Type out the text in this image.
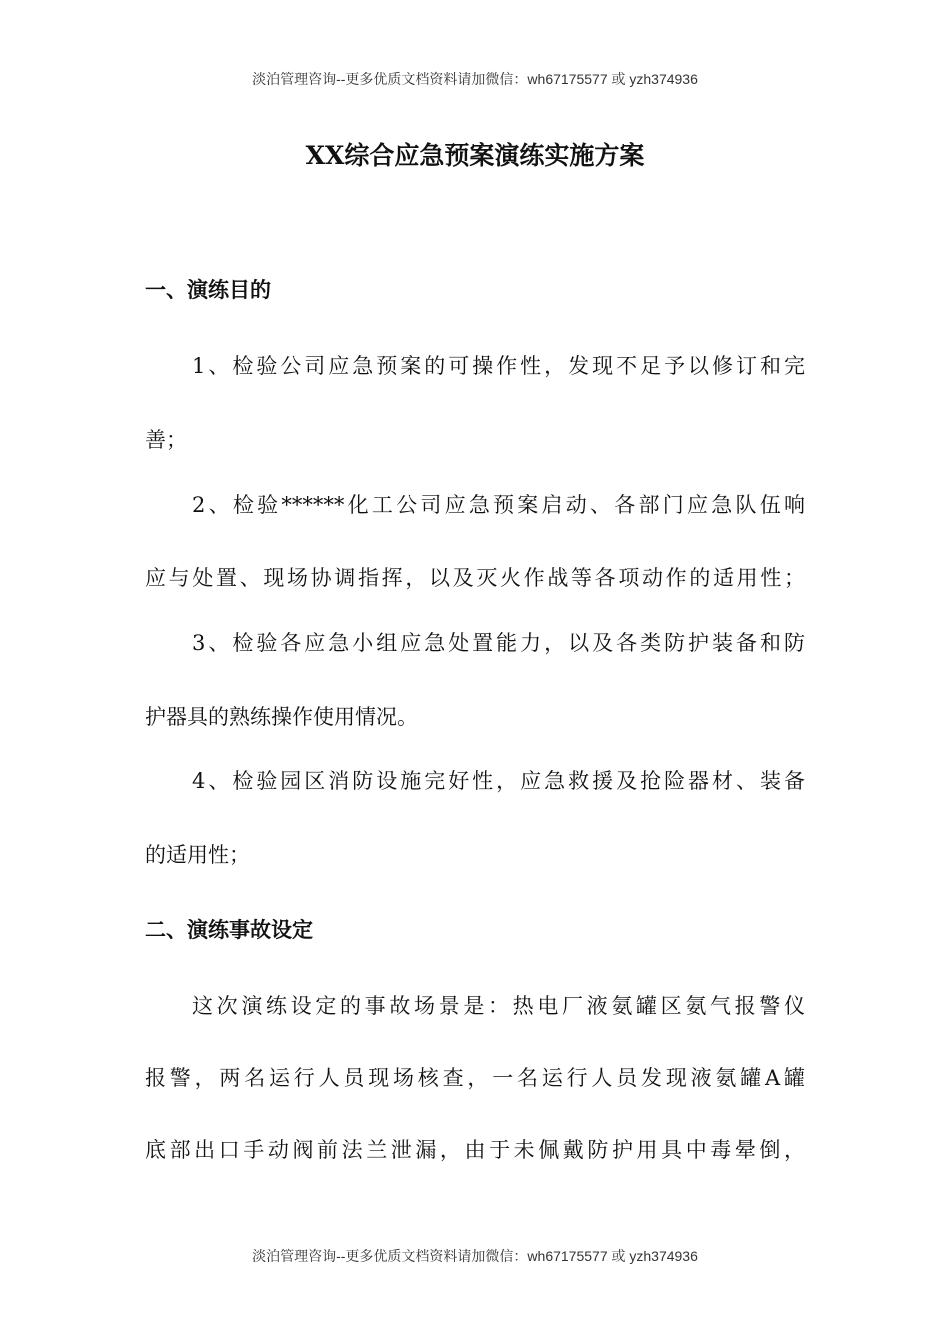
淡泊管理咨询--更多优质文档资料请加微信：wh67175577 或 yzh374936
XX综合应急预案演练实施方案
一、演练目的
1、检验公司应急预案的可操作性，发现不足予以修订和完
善；
2、检验******化工公司应急预案启动、各部门应急队伍响
应与处置、现场协调指挥，以及灭火作战等各项动作的适用性；
3、检验各应急小组应急处置能力，以及各类防护装备和防
护器具的熟练操作使用情况。
4、检验园区消防设施完好性，应急救援及抢险器材、装备
的适用性；
二、演练事故设定
这次演练设定的事故场景是：热电厂液氨罐区氨气报警仪
报警，两名运行人员现场核查，一名运行人员发现液氨罐A罐
底部出口手动阀前法兰泄漏，由于未佩戴防护用具中毒晕倒，
淡泊管理咨询--更多优质文档资料请加微信：wh67175577 或 yzh374936
